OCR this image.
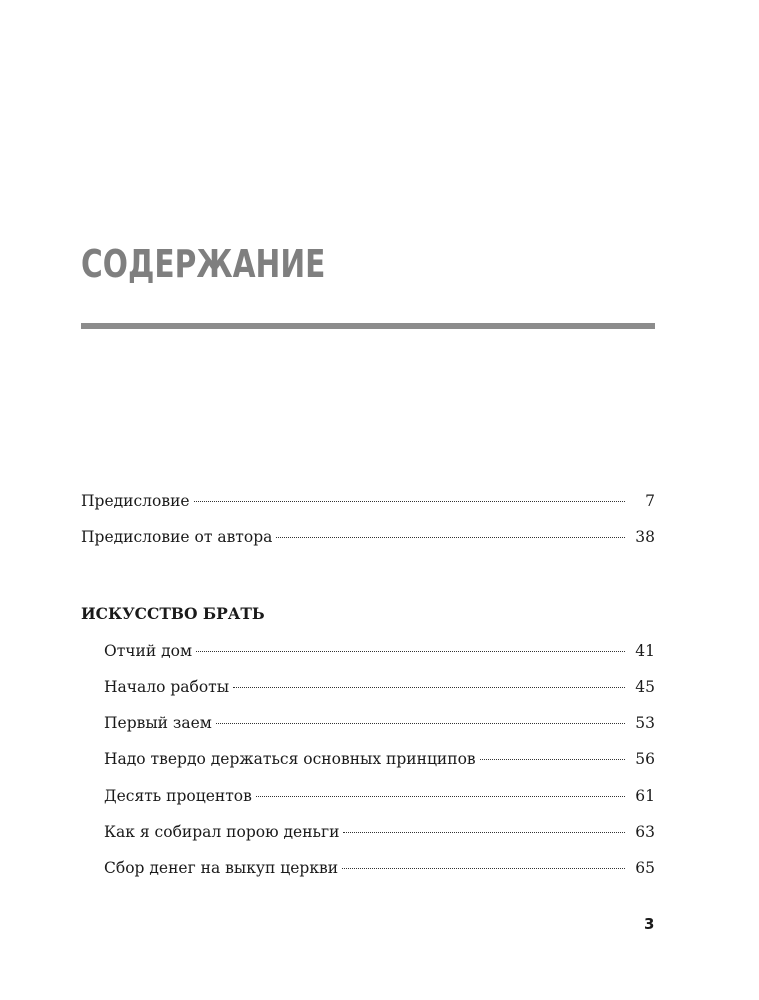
СОДЕРЖАНИЕ
Предисловие	7
Предисловие от автора	38
ИСКУССТВО БРАТЬ
Отчий дом	41
Начало работы	45
Первый заем	53
Надо твердо держаться основных принципов	56
Десять процентов	61
Как я собирал порою деньги	63
Сбор денег на выкуп церкви	65
3
